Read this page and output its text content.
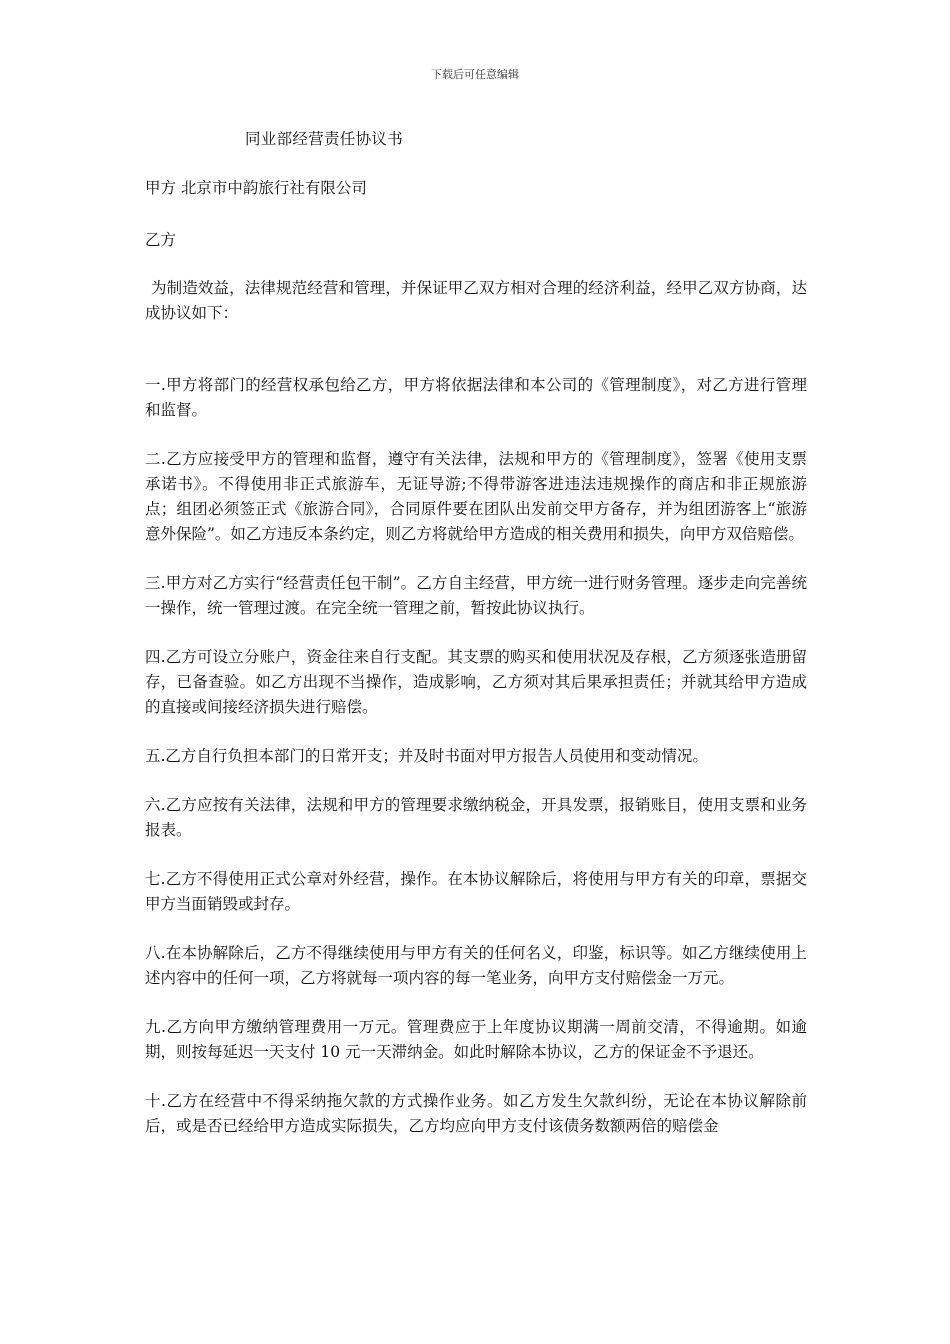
下载后可任意编辑
同业部经营责任协议书
甲方 北京市中韵旅行社有限公司
乙方
为制造效益，法律规范经营和管理，并保证甲乙双方相对合理的经济利益，经甲乙双方协商，达成协议如下：

一.甲方将部门的经营权承包给乙方，甲方将依据法律和本公司的《管理制度》，对乙方进行管理和监督。

二.乙方应接受甲方的管理和监督，遵守有关法律，法规和甲方的《管理制度》，签署《使用支票承诺书》。不得使用非正式旅游车，无证导游;不得带游客进违法违规操作的商店和非正规旅游点；组团必须签正式《旅游合同》，合同原件要在团队出发前交甲方备存，并为组团游客上“旅游意外保险”。如乙方违反本条约定，则乙方将就给甲方造成的相关费用和损失，向甲方双倍赔偿。

三.甲方对乙方实行“经营责任包干制”。乙方自主经营，甲方统一进行财务管理。逐步走向完善统一操作，统一管理过渡。在完全统一管理之前，暂按此协议执行。

四.乙方可设立分账户，资金往来自行支配。其支票的购买和使用状况及存根，乙方须逐张造册留存，已备查验。如乙方出现不当操作，造成影响，乙方须对其后果承担责任；并就其给甲方造成的直接或间接经济损失进行赔偿。

五.乙方自行负担本部门的日常开支；并及时书面对甲方报告人员使用和变动情况。

六.乙方应按有关法律，法规和甲方的管理要求缴纳税金，开具发票，报销账目，使用支票和业务报表。

七.乙方不得使用正式公章对外经营，操作。在本协议解除后，将使用与甲方有关的印章，票据交甲方当面销毁或封存。

八.在本协解除后，乙方不得继续使用与甲方有关的任何名义，印鉴，标识等。如乙方继续使用上述内容中的任何一项，乙方将就每一项内容的每一笔业务，向甲方支付赔偿金一万元。

九.乙方向甲方缴纳管理费用一万元。管理费应于上年度协议期满一周前交清，不得逾期。如逾期，则按每延迟一天支付 10 元一天滞纳金。如此时解除本协议，乙方的保证金不予退还。

十.乙方在经营中不得采纳拖欠款的方式操作业务。如乙方发生欠款纠纷，无论在本协议解除前后，或是否已经给甲方造成实际损失，乙方均应向甲方支付该债务数额两倍的赔偿金
